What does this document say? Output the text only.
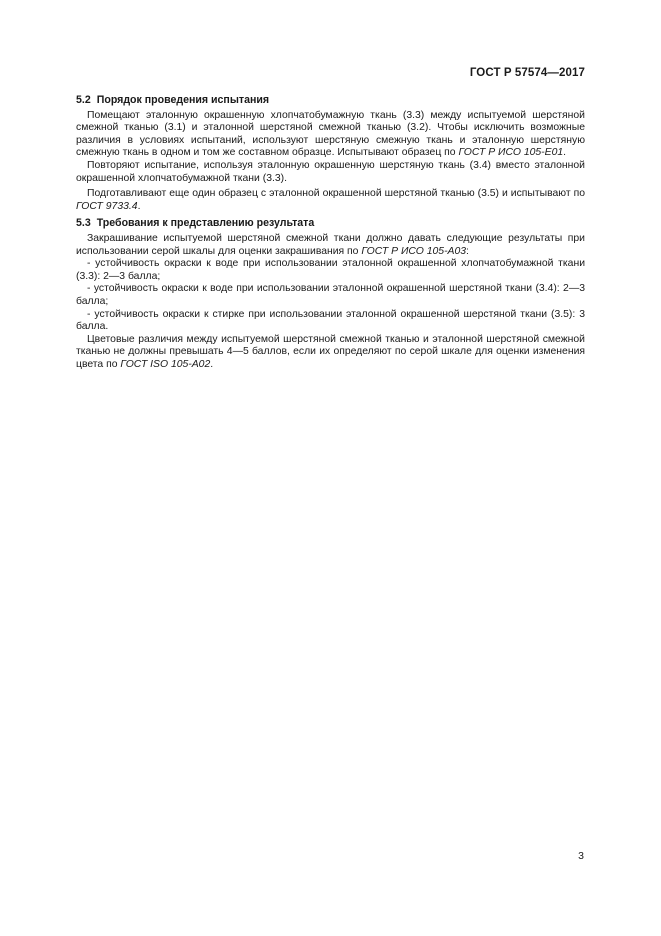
ГОСТ Р 57574—2017
5.2 Порядок проведения испытания

Помещают эталонную окрашенную хлопчатобумажную ткань (3.3) между испытуемой шерстяной смежной тканью (3.1) и эталонной шерстяной смежной тканью (3.2). Чтобы исключить возможные различия в условиях испытаний, используют шерстяную смежную ткань и эталонную шерстяную смежную ткань в одном и том же составном образце. Испытывают образец по ГОСТ Р ИСО 105-Е01.

Повторяют испытание, используя эталонную окрашенную шерстяную ткань (3.4) вместо эталонной окрашенной хлопчатобумажной ткани (3.3).

Подготавливают еще один образец с эталонной окрашенной шерстяной тканью (3.5) и испытывают по ГОСТ 9733.4.

5.3 Требования к представлению результата

Закрашивание испытуемой шерстяной смежной ткани должно давать следующие результаты при использовании серой шкалы для оценки закрашивания по ГОСТ Р ИСО 105-А03:

- устойчивость окраски к воде при использовании эталонной окрашенной хлопчатобумажной ткани (3.3): 2—3 балла;

- устойчивость окраски к воде при использовании эталонной окрашенной шерстяной ткани (3.4): 2—3 балла;

- устойчивость окраски к стирке при использовании эталонной окрашенной шерстяной ткани (3.5): 3 балла.

Цветовые различия между испытуемой шерстяной смежной тканью и эталонной шерстяной смежной тканью не должны превышать 4—5 баллов, если их определяют по серой шкале для оценки изменения цвета по ГОСТ ISO 105-A02.

3
